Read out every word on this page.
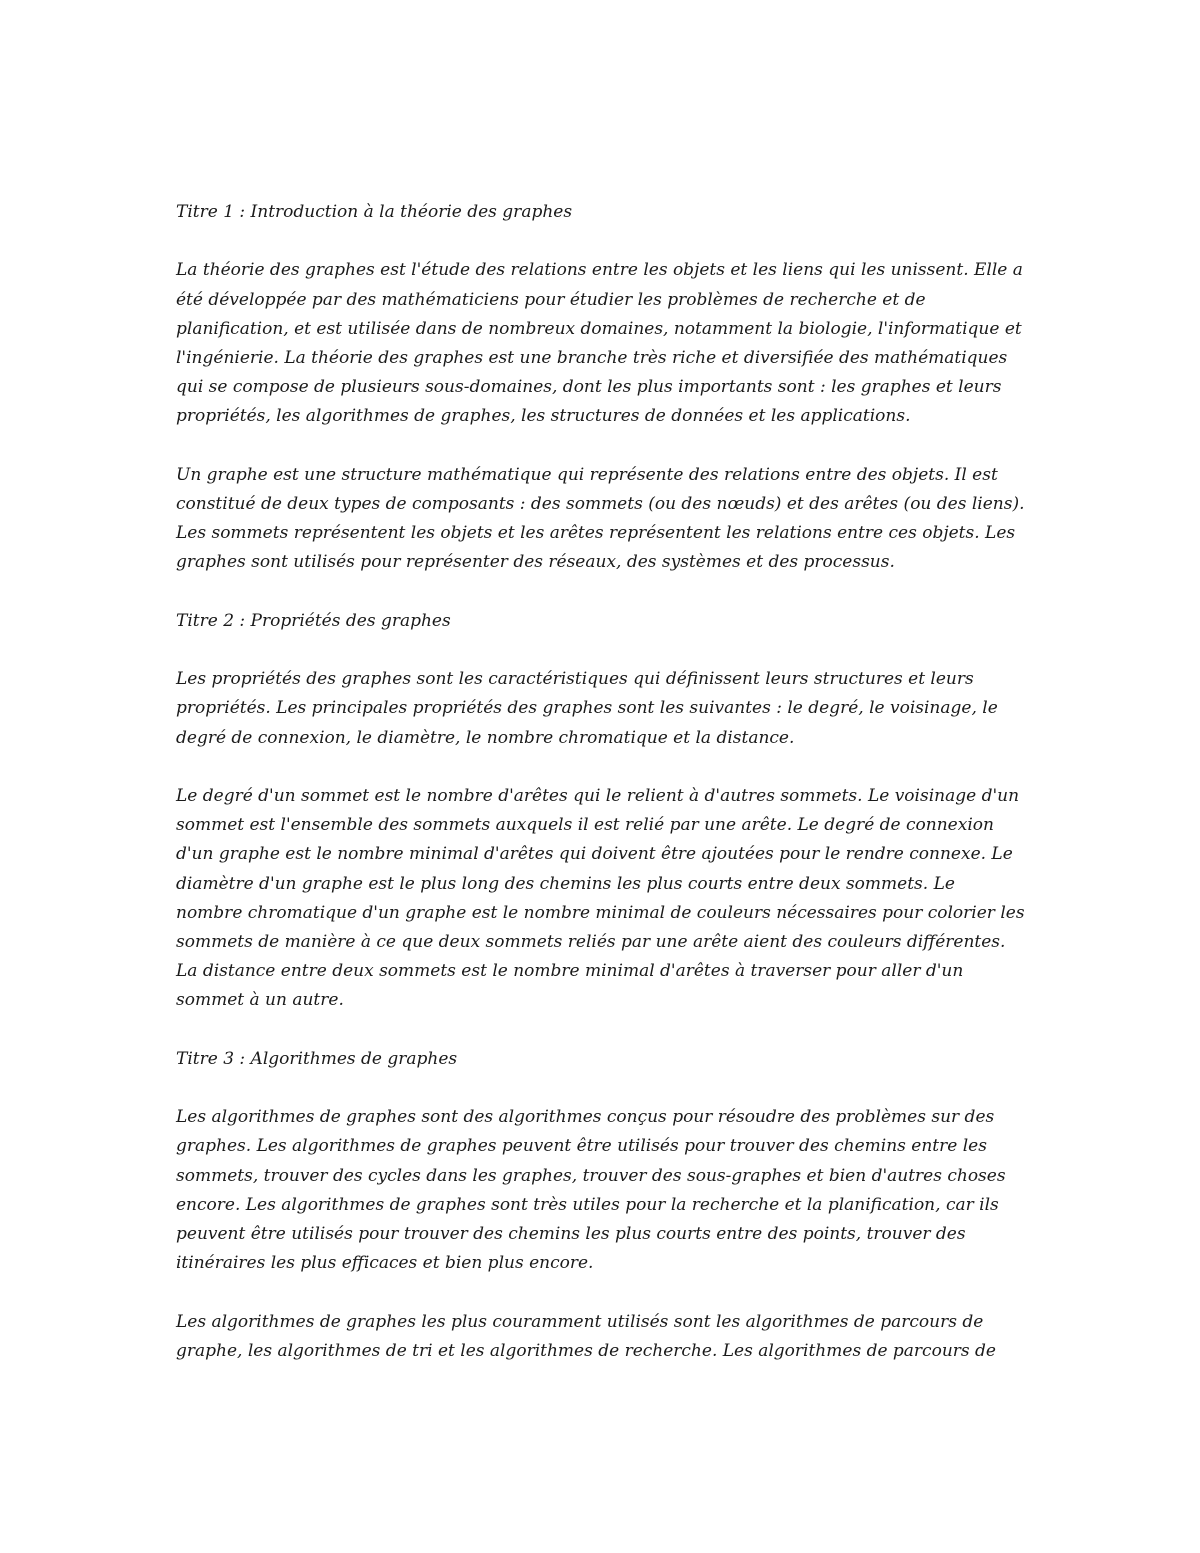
Titre 1 : Introduction à la théorie des graphes

La théorie des graphes est l'étude des relations entre les objets et les liens qui les unissent. Elle a été développée par des mathématiciens pour étudier les problèmes de recherche et de planification, et est utilisée dans de nombreux domaines, notamment la biologie, l'informatique et l'ingénierie. La théorie des graphes est une branche très riche et diversifiée des mathématiques qui se compose de plusieurs sous-domaines, dont les plus importants sont : les graphes et leurs propriétés, les algorithmes de graphes, les structures de données et les applications.

Un graphe est une structure mathématique qui représente des relations entre des objets. Il est constitué de deux types de composants : des sommets (ou des nœuds) et des arêtes (ou des liens). Les sommets représentent les objets et les arêtes représentent les relations entre ces objets. Les graphes sont utilisés pour représenter des réseaux, des systèmes et des processus.

Titre 2 : Propriétés des graphes

Les propriétés des graphes sont les caractéristiques qui définissent leurs structures et leurs propriétés. Les principales propriétés des graphes sont les suivantes : le degré, le voisinage, le degré de connexion, le diamètre, le nombre chromatique et la distance.

Le degré d'un sommet est le nombre d'arêtes qui le relient à d'autres sommets. Le voisinage d'un sommet est l'ensemble des sommets auxquels il est relié par une arête. Le degré de connexion d'un graphe est le nombre minimal d'arêtes qui doivent être ajoutées pour le rendre connexe. Le diamètre d'un graphe est le plus long des chemins les plus courts entre deux sommets. Le nombre chromatique d'un graphe est le nombre minimal de couleurs nécessaires pour colorier les sommets de manière à ce que deux sommets reliés par une arête aient des couleurs différentes. La distance entre deux sommets est le nombre minimal d'arêtes à traverser pour aller d'un sommet à un autre.

Titre 3 : Algorithmes de graphes

Les algorithmes de graphes sont des algorithmes conçus pour résoudre des problèmes sur des graphes. Les algorithmes de graphes peuvent être utilisés pour trouver des chemins entre les sommets, trouver des cycles dans les graphes, trouver des sous-graphes et bien d'autres choses encore. Les algorithmes de graphes sont très utiles pour la recherche et la planification, car ils peuvent être utilisés pour trouver des chemins les plus courts entre des points, trouver des itinéraires les plus efficaces et bien plus encore.

Les algorithmes de graphes les plus couramment utilisés sont les algorithmes de parcours de graphe, les algorithmes de tri et les algorithmes de recherche. Les algorithmes de parcours de
